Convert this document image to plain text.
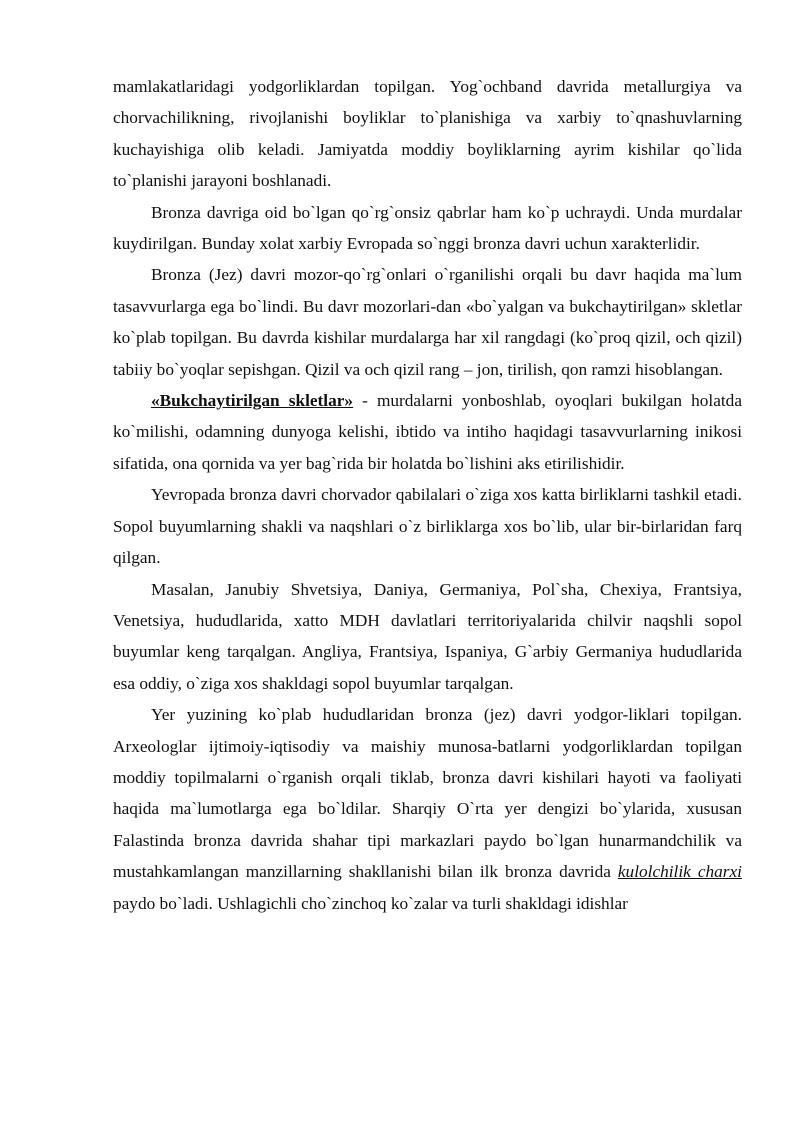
mamlakatlaridagi yodgorliklardan topilgan. Yog`ochband davrida metallurgiya va chorvachilikning, rivojlanishi boyliklar to`planishiga va xarbiy to`qnashuvlarning kuchayishiga olib keladi. Jamiyatda moddiy boyliklarning ayrim kishilar qo`lida to`planishi jarayoni boshlanadi.

Bronza davriga oid bo`lgan qo`rg`onsiz qabrlar ham ko`p uchraydi. Unda murdalar kuydirilgan. Bunday xolat xarbiy Evropada so`nggi bronza davri uchun xarakterlidir.

Bronza (Jez) davri mozor-qo`rg`onlari o`rganilishi orqali bu davr haqida ma`lum tasavvurlarga ega bo`lindi. Bu davr mozorlari-dan «bo`yalgan va bukchaytirilgan» skletlar ko`plab topilgan. Bu davrda kishilar murdalarga har xil rangdagi (ko`proq qizil, och qizil) tabiiy bo`yoqlar sepishgan. Qizil va och qizil rang – jon, tirilish, qon ramzi hisoblangan.

«Bukchaytirilgan skletlar» - murdalarni yonboshlab, oyoqlari bukilgan holatda ko`milishi, odamning dunyoga kelishi, ibtido va intiho haqidagi tasavvurlarning inikosi sifatida, ona qornida va yer bag`rida bir holatda bo`lishini aks etirilishidir.

Yevropada bronza davri chorvador qabilalari o`ziga xos katta birliklarni tashkil etadi. Sopol buyumlarning shakli va naqshlari o`z birliklarga xos bo`lib, ular bir-birlaridan farq qilgan.

Masalan, Janubiy Shvetsiya, Daniya, Germaniya, Pol`sha, Chexiya, Frantsiya, Venetsiya, hududlarida, xatto MDH davlatlari territoriyalarida chilvir naqshli sopol buyumlar keng tarqalgan. Angliya, Frantsiya, Ispaniya, G`arbiy Germaniya hududlarida esa oddiy, o`ziga xos shakldagi sopol buyumlar tarqalgan.

Yer yuzining ko`plab hududlaridan bronza (jez) davri yodgor-liklari topilgan. Arxeologlar ijtimoiy-iqtisodiy va maishiy munosa-batlarni yodgorliklardan topilgan moddiy topilmalarni o`rganish orqali tiklab, bronza davri kishilari hayoti va faoliyati haqida ma`lumotlarga ega bo`ldilar. Sharqiy O`rta yer dengizi bo`ylarida, xususan Falastinda bronza davrida shahar tipi markazlari paydo bo`lgan hunarmandchilik va mustahkamlangan manzillarning shakllanishi bilan ilk bronza davrida kulolchilik charxi paydo bo`ladi. Ushlagichli cho`zinchoq ko`zalar va turli shakldagi idishlar
